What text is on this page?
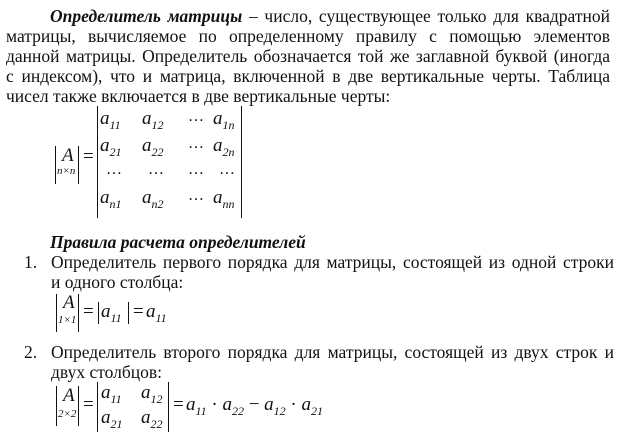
Определитель матрицы – число, существующее только для квадратной
матрицы, вычисляемое по определенному правилу с помощью элементов
данной матрицы. Определитель обозначается той же заглавной буквой (иногда
с индексом), что и матрица, включенной в две вертикальные черты. Таблица
чисел также включается в две вертикальные черты:
A
n×n
=
$a_{11}$ $a_{12}$ … $a_{1n}$
$a_{21}$ $a_{22}$ … $a_{2n}$
… … … …
$a_{n1}$ $a_{n2}$ … $a_{nn}$
Правила расчета определителей
1. Определитель первого порядка для матрицы, состоящей из одной строки
и одного столбца:
A
$1\times 1 = a_{11} = a_{11}$
2. Определитель второго порядка для матрицы, состоящей из двух строк и
двух столбцов:
A
2×2 =
$a_{11}$ $a_{12}$
$a_{21}$ $a_{22}$
= $a_{11} \cdot a_{22} - a_{12} \cdot a_{21}$
